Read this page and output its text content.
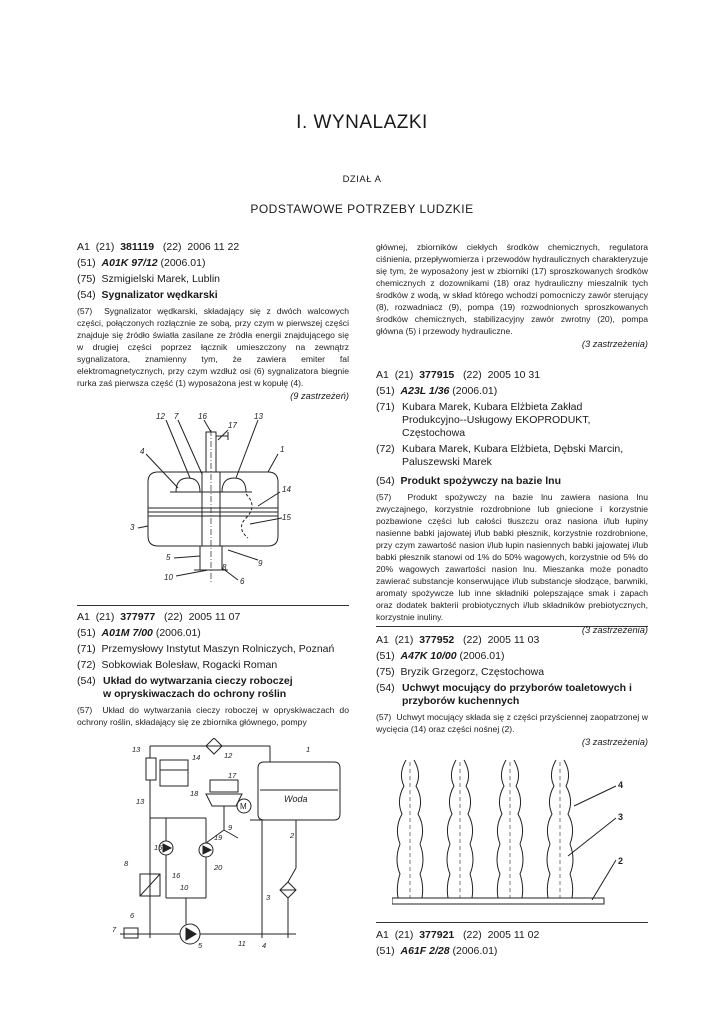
I. WYNALAZKI
DZIAŁ A
PODSTAWOWE POTRZEBY LUDZKIE
A1 (21) 381119 (22) 2006 11 22
(51) A01K 97/12 (2006.01)
(75) Szmigielski Marek, Lublin
(54) Sygnalizator wędkarski

(57) Sygnalizator wędkarski, składający się z dwóch walcowych części, połączonych rozłącznie ze sobą, przy czym w pierwszej części znajduje się źródło światła zasilane ze źródła energii znajdującego się w drugiej części poprzez łącznik umieszczony na zewnątrz sygnalizatora, znamienny tym, że zawiera emiter fal elektromagnetycznych, przy czym wzdłuż osi (6) sygnalizatora biegnie rurka zaś pierwsza część (1) wyposażona jest w kopułę (4).

(9 zastrzeżeń)
12 7 16	13
17
4	1
14
15
3
5
9
10
8
6
A1 (21) 377977 (22) 2005 11 07
(51) A01M 7/00 (2006.01)
(71) Przemysłowy Instytut Maszyn Rolniczych, Poznań
(72) Sobkowiak Bolesław, Rogacki Roman
(54) Układ do wytwarzania cieczy roboczej w opryskiwaczach do ochrony roślin

(57) Układ do wytwarzania cieczy roboczej w opryskiwaczach do ochrony roślin, składający się ze zbiornika głównego, pompy

13
12
14
1
17
Woda
18
M
13
9
15
19
20
2
8
16
10
3
6
7
5	11 4

głównej, zbiorników ciekłych środków chemicznych, regulatora ciśnienia, przepływomierza i przewodów hydraulicznych charakteryzuje się tym, że wyposażony jest w zbiorniki (17) sproszkowanych środków chemicznych z dozownikami (18) oraz hydrauliczny mieszalnik tych środków z wodą, w skład którego wchodzi pomocniczy zawór sterujący (8), rozwadniacz (9), pompa (19) rozwodnionych sproszkowanych środków chemicznych, stabilizacyjny zawór zwrotny (20), pompa główna (5) i przewody hydrauliczne.

(3 zastrzeżenia)
A1 (21) 377915 (22) 2005 10 31
(51) A23L 1/36 (2006.01)
(71) Kubara Marek, Kubara Elżbieta Zakład Produkcyjno--Usługowy EKOPRODUKT, Częstochowa
(72) Kubara Marek, Kubara Elżbieta, Dębski Marcin, Paluszewski Marek
(54) Produkt spożywczy na bazie lnu

(57) Produkt spożywczy na bazie lnu zawiera nasiona lnu zwyczajnego, korzystnie rozdrobnione lub gniecione i korzystnie pozbawione części lub całości tłuszczu oraz nasiona i/lub łupiny nasienne babki jajowatej i/lub babki płesznik, korzystnie rozdrobnione, przy czym zawartość nasion i/lub łupin nasiennych babki jajowatej i/lub babki płesznik stanowi od 1% do 50% wagowych, korzystnie od 5% do 20% wagowych zawartości nasion lnu. Mieszanka może ponadto zawierać substancje konserwujące i/lub substancje słodzące, barwniki, aromaty spożywcze lub inne składniki polepszające smak i zapach oraz dodatek bakterii probiotycznych i/lub składników prebiotycznych, korzystnie inuliny.

(3 zastrzeżenia)
A1 (21) 377952 (22) 2005 11 03
(51) A47K 10/00 (2006.01)
(75) Bryzik Grzegorz, Częstochowa
(54) Uchwyt mocujący do przyborów toaletowych i przyborów kuchennych

(57) Uchwyt mocujący składa się z części przyściennej zaopatrzonej w wycięcia (14) oraz części nośnej (2).

(3 zastrzeżenia)
4
3
2
A1 (21) 377921 (22) 2005 11 02
(51) A61F 2/28 (2006.01)
